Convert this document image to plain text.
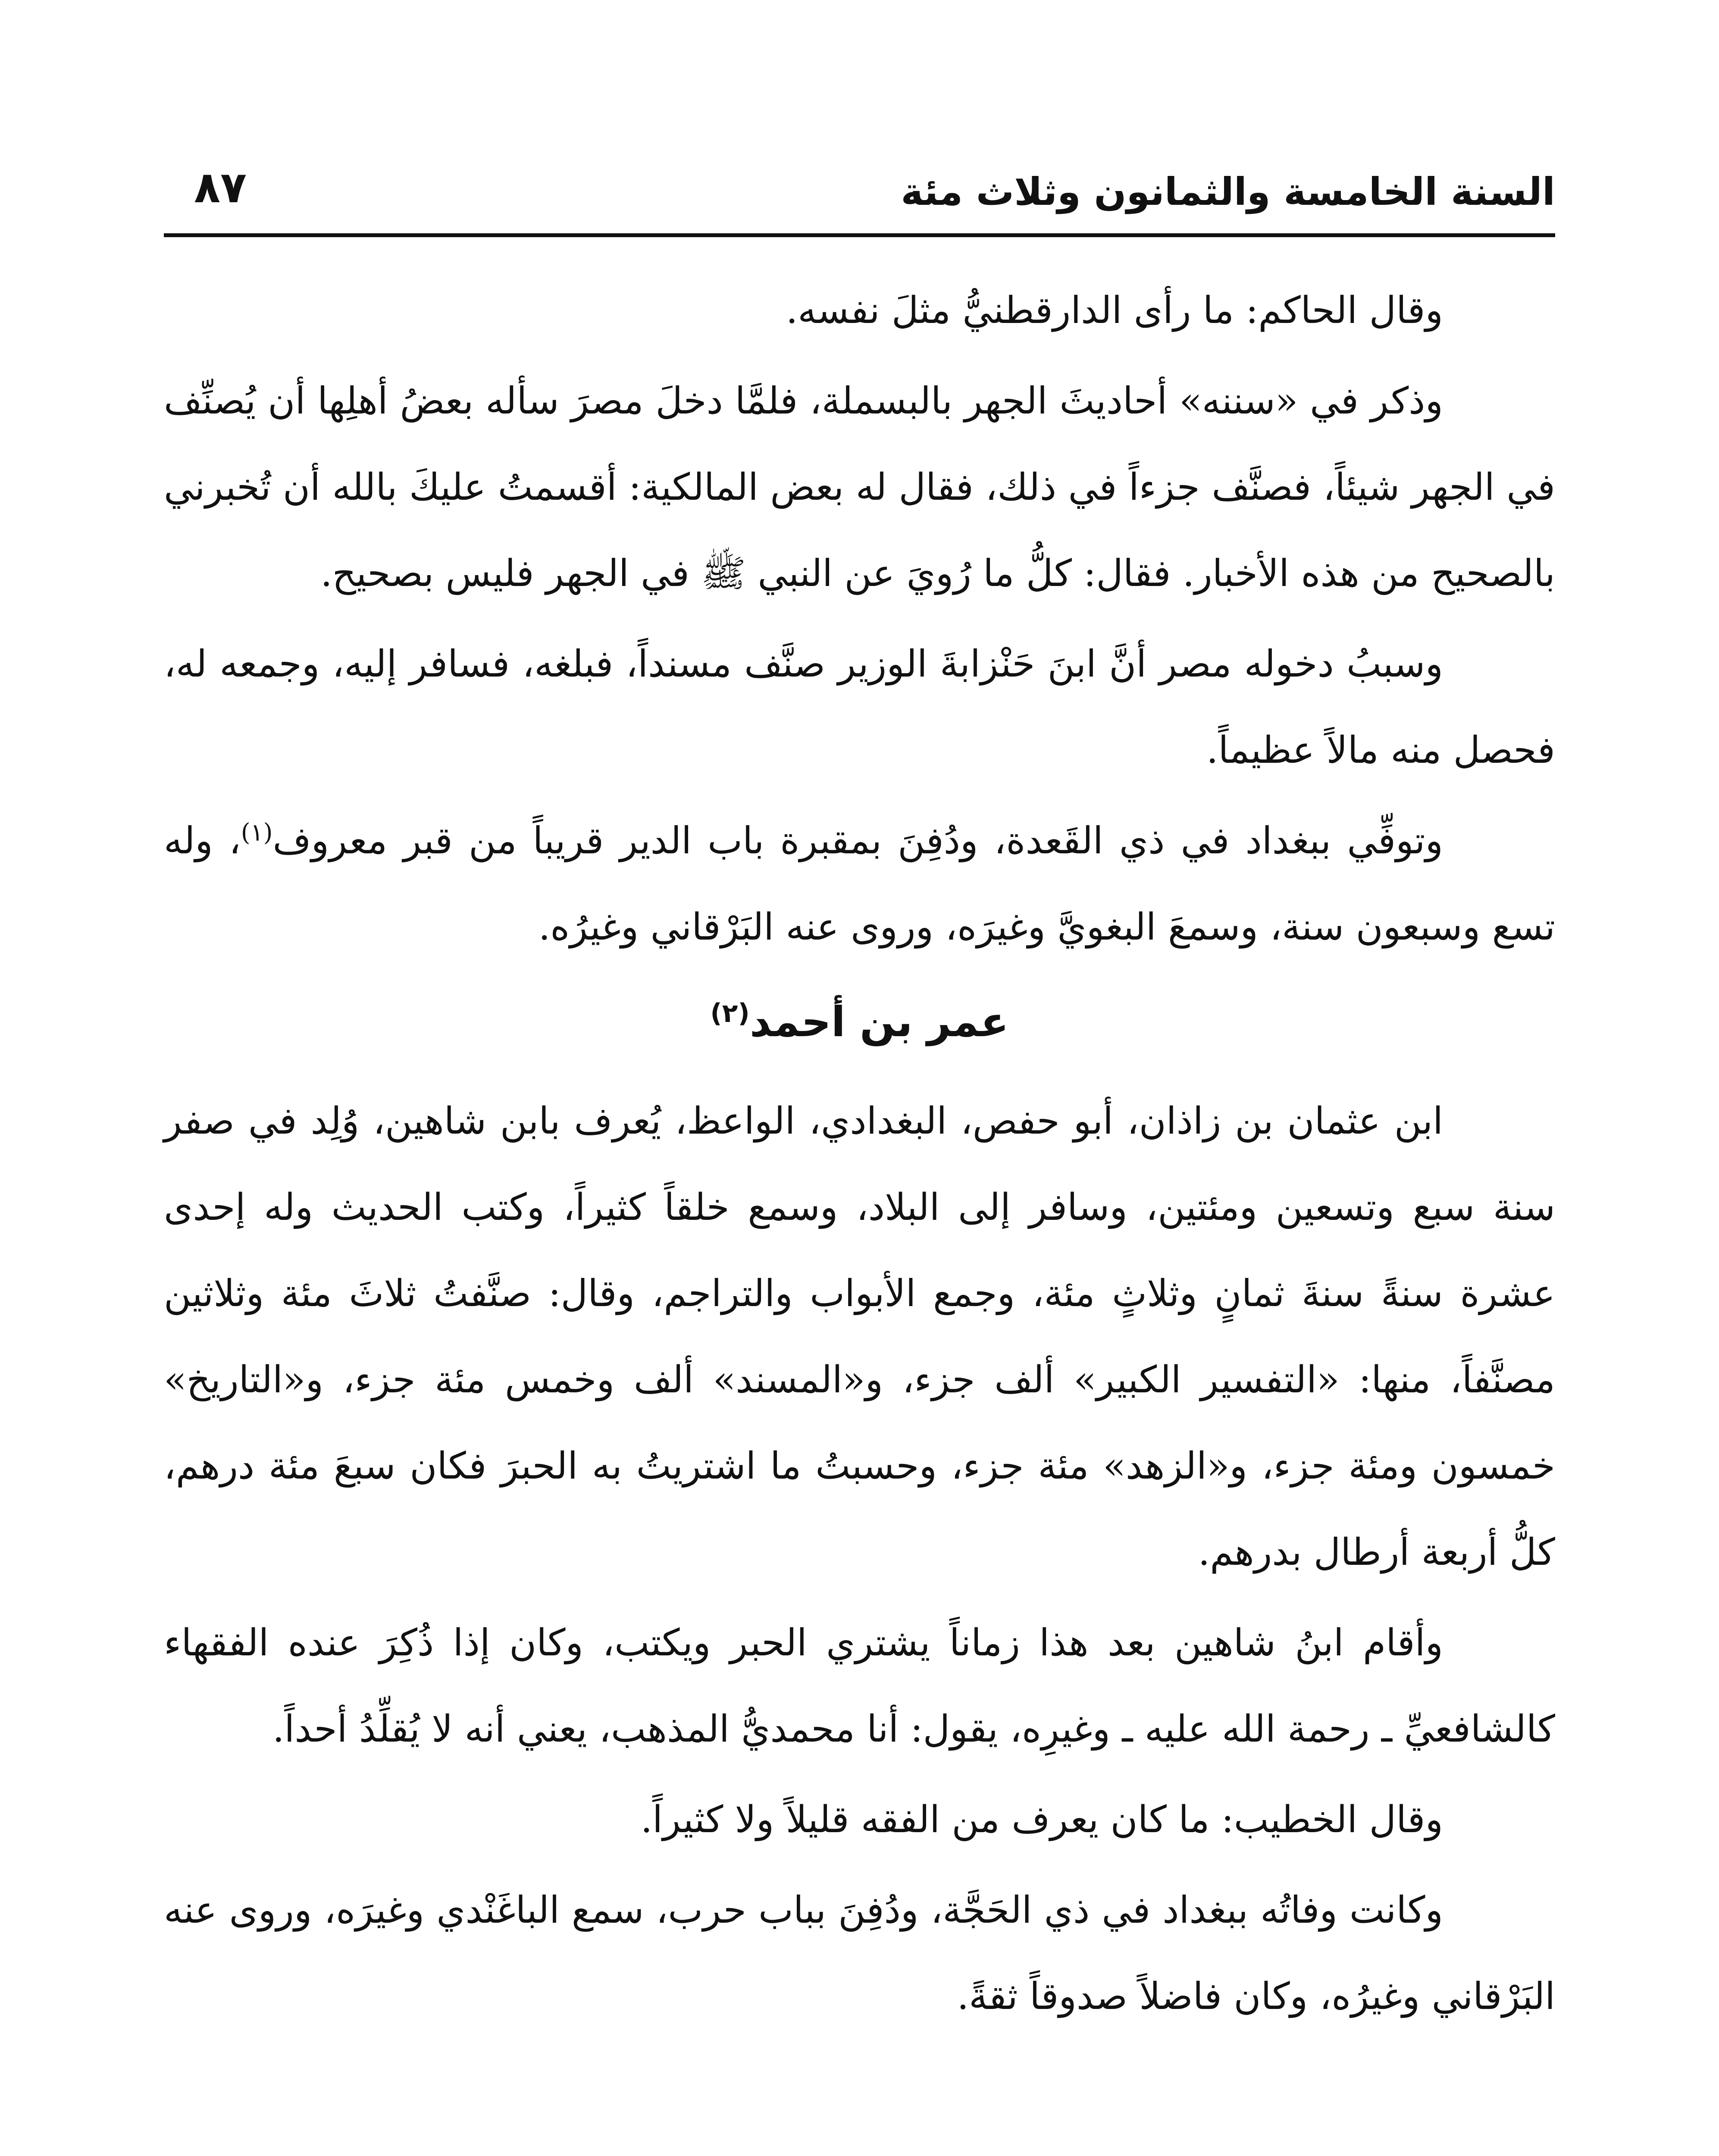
السنة الخامسة والثمانون وثلاث مئة
٨٧

وقال الحاكم: ما رأى الدارقطنيُّ مثلَ نفسه.

وذكر في «سننه» أحاديثَ الجهر بالبسملة، فلمَّا دخلَ مصرَ سأله بعضُ أهلِها أن يُصنِّف في الجهر شيئاً، فصنَّف جزءاً في ذلك، فقال له بعض المالكية: أقسمتُ عليكَ بالله أن تُخبرني بالصحيح من هذه الأخبار. فقال: كلُّ ما رُويَ عن النبي ﷺ في الجهر فليس بصحيح.

وسببُ دخوله مصر أنَّ ابنَ حَنْزابةَ الوزير صنَّف مسنداً، فبلغه، فسافر إليه، وجمعه له، فحصل منه مالاً عظيماً.

وتوفِّي ببغداد في ذي القَعدة، ودُفِنَ بمقبرة باب الدير قريباً من قبر معروف$^{(١)}$، وله تسع وسبعون سنة، وسمعَ البغويَّ وغيرَه، وروى عنه البَرْقاني وغيرُه.

عمر بن أحمد$^{(٢)}$

ابن عثمان بن زاذان، أبو حفص، البغدادي، الواعظ، يُعرف بابن شاهين، وُلِد في صفر سنة سبع وتسعين ومئتين، وسافر إلى البلاد، وسمع خلقاً كثيراً، وكتب الحديث وله إحدى عشرة سنةً سنةَ ثمانٍ وثلاثٍ مئة، وجمع الأبواب والتراجم، وقال: صنَّفتُ ثلاثَ مئة وثلاثين مصنَّفاً، منها: «التفسير الكبير» ألف جزء، و«المسند» ألف وخمس مئة جزء، و«التاريخ» خمسون ومئة جزء، و«الزهد» مئة جزء، وحسبتُ ما اشتريتُ به الحبرَ فكان سبعَ مئة درهم، كلُّ أربعة أرطال بدرهم.

وأقام ابنُ شاهين بعد هذا زماناً يشتري الحبر ويكتب، وكان إذا ذُكِرَ عنده الفقهاء كالشافعيِّ ـ رحمة الله عليه ـ وغيرِه، يقول: أنا محمديُّ المذهب، يعني أنه لا يُقلِّدُ أحداً.

وقال الخطيب: ما كان يعرف من الفقه قليلاً ولا كثيراً.

وكانت وفاتُه ببغداد في ذي الحَجَّة، ودُفِنَ بباب حرب، سمع الباغَنْدي وغيرَه، وروى عنه البَرْقاني وغيرُه، وكان فاضلاً صدوقاً ثقةً.
